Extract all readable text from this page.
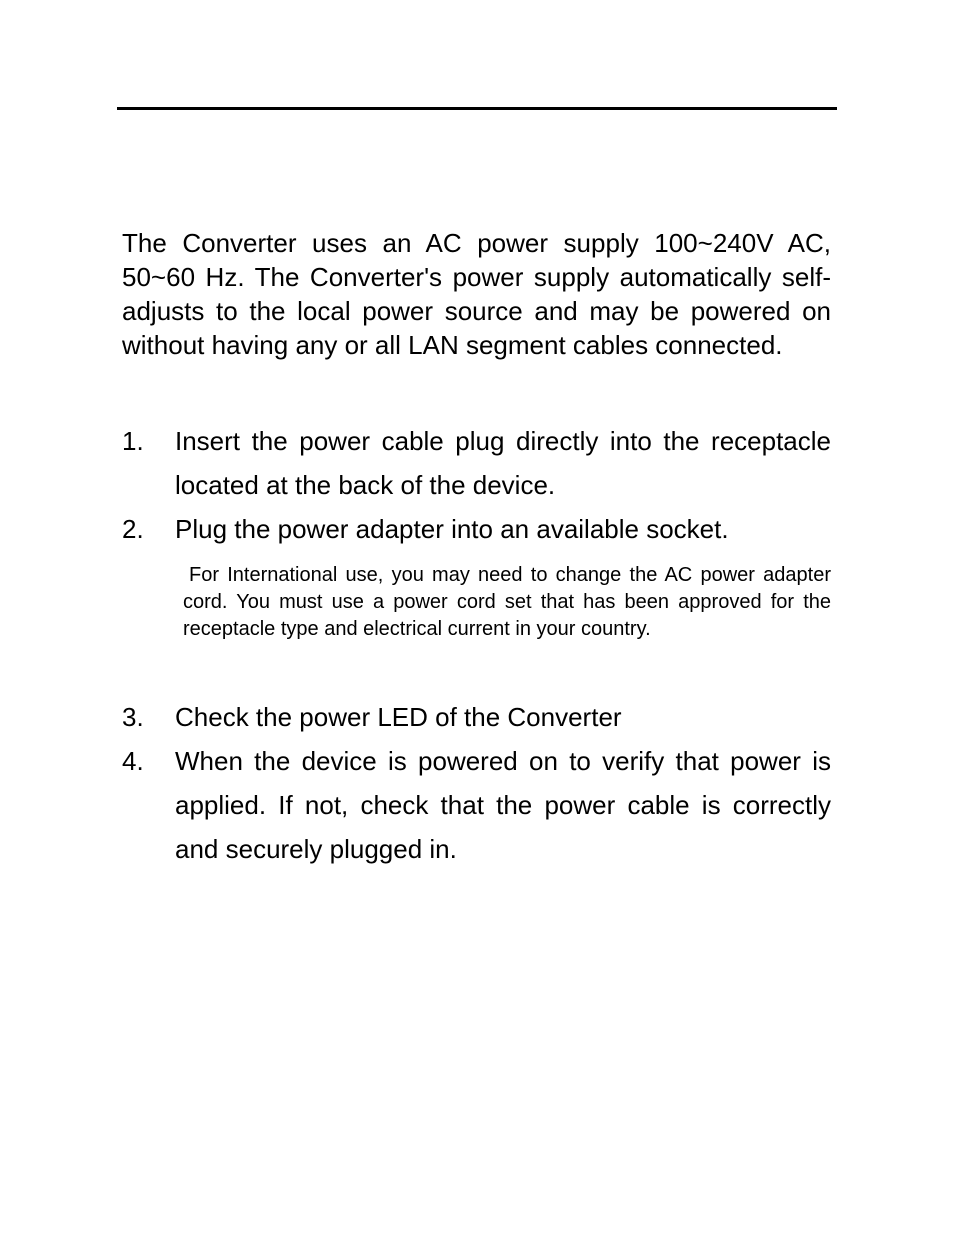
The Converter uses an AC power supply 100~240V AC, 50~60 Hz. The Converter's power supply automatically self-adjusts to the local power source and may be powered on without having any or all LAN segment cables connected.

1.	Insert the power cable plug directly into the receptacle located at the back of the device.
2.	Plug the power adapter into an available socket.

For International use, you may need to change the AC power adapter cord. You must use a power cord set that has been approved for the receptacle type and electrical current in your country.

3.	Check the power LED of the Converter
4.	When the device is powered on to verify that power is applied. If not, check that the power cable is correctly and securely plugged in.
